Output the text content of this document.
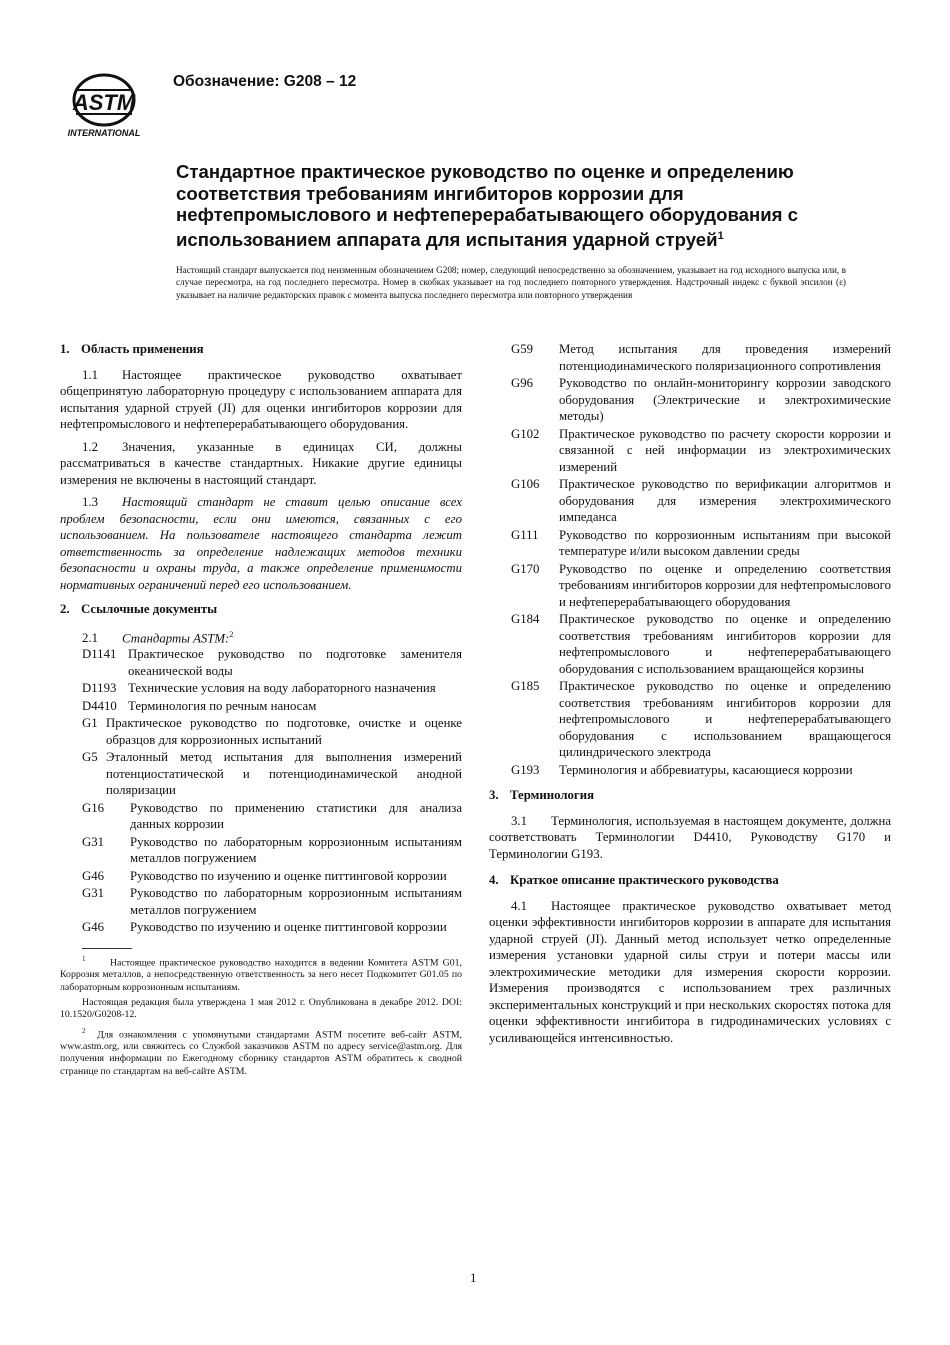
ASTM
INTERNATIONAL
Обозначение: G208 – 12
Стандартное практическое руководство по оценке и определению
соответствия требованиям ингибиторов коррозии для
нефтепромыслового и нефтеперерабатывающего оборудования с
использованием аппарата для испытания ударной струей$^1$
Настоящий стандарт выпускается под неизменным обозначением G208; номер, следующий непосредственно за обозначением, указывает на год исходного выпуска или, в случае пересмотра, на год последнего пересмотра. Номер в скобках указывает на год последнего повторного утверждения. Надстрочный индекс с буквой эпсилон (ε) указывает на наличие редакторских правок с момента выпуска последнего пересмотра или повторного утверждения
1. Область применения
1.1 Настоящее практическое руководство охватывает общепринятую лабораторную процедуру с использованием аппарата для испытания ударной струей (JI) для оценки ингибиторов коррозии для нефтепромыслового и нефтеперерабатывающего оборудования.
1.2 Значения, указанные в единицах СИ, должны рассматриваться в качестве стандартных. Никакие другие единицы измерения не включены в настоящий стандарт.
1.3 Настоящий стандарт не ставит целью описание всех проблем безопасности, если они имеются, связанных с его использованием. На пользователе настоящего стандарта лежит ответственность за определение надлежащих методов техники безопасности и охраны труда, а также определение применимости нормативных ограничений перед его использованием.
2. Ссылочные документы
2.1 Стандарты ASTM:$^2$
D1141 Практическое руководство по подготовке заменителя океанической воды
D1193 Технические условия на воду лабораторного назначения
D4410 Терминология по речным наносам
G1 Практическое руководство по подготовке, очистке и оценке образцов для коррозионных испытаний
G5 Эталонный метод испытания для выполнения измерений потенциостатической и потенциодинамической анодной поляризации
G16	Руководство по применению статистики для анализа данных коррозии
G31	Руководство по лабораторным коррозионным испытаниям металлов погружением
G46	Руководство по изучению и оценке питтинговой коррозии
G31	Руководство по лабораторным коррозионным испытаниям металлов погружением
G46	Руководство по изучению и оценке питтинговой коррозии
$^1$ Настоящее практическое руководство находится в ведении Комитета ASTM G01, Коррозия металлов, а непосредственную ответственность за него несет Подкомитет G01.05 по лабораторным коррозионным испытаниям.
Настоящая редакция была утверждена 1 мая 2012 г. Опубликована в декабре 2012. DOI: 10.1520/G0208-12.
$^2$ Для ознакомления с упомянутыми стандартами ASTM посетите веб-сайт ASTM, www.astm.org, или свяжитесь со Службой заказчиков ASTM по адресу service@astm.org. Для получения информации по Ежегодному сборнику стандартов ASTM обратитесь к сводной странице по стандартам на веб-сайте ASTM.
G59	Метод испытания для проведения измерений потенциодинамического поляризационного сопротивления
G96	Руководство по онлайн-мониторингу коррозии заводского оборудования (Электрические и электрохимические методы)
G102	Практическое руководство по расчету скорости коррозии и связанной с ней информации из электрохимических измерений
G106	Практическое руководство по верификации алгоритмов и оборудования для измерения электрохимического импеданса
G111	Руководство по коррозионным испытаниям при высокой температуре и/или высоком давлении среды
G170	Руководство по оценке и определению соответствия требованиям ингибиторов коррозии для нефтепромыслового и нефтеперерабатывающего оборудования
G184	Практическое руководство по оценке и определению соответствия требованиям ингибиторов коррозии для нефтепромыслового и нефтеперерабатывающего оборудования с использованием вращающейся корзины
G185	Практическое руководство по оценке и определению соответствия требованиям ингибиторов коррозии для нефтепромыслового и нефтеперерабатывающего оборудования с использованием вращающегося цилиндрического электрода
G193	Терминология и аббревиатуры, касающиеся коррозии
3. Терминология
3.1 Терминология, используемая в настоящем документе, должна соответствовать Терминологии D4410, Руководству G170 и Терминологии G193.
4. Краткое описание практического руководства
4.1 Настоящее практическое руководство охватывает метод оценки эффективности ингибиторов коррозии в аппарате для испытания ударной струей (JI). Данный метод использует четко определенные измерения установки ударной силы струи и потери массы или электрохимические методики для измерения скорости коррозии. Измерения производятся с использованием трех различных экспериментальных конструкций и при нескольких скоростях потока для оценки эффективности ингибитора в гидродинамических условиях с усиливающейся интенсивностью.
1
